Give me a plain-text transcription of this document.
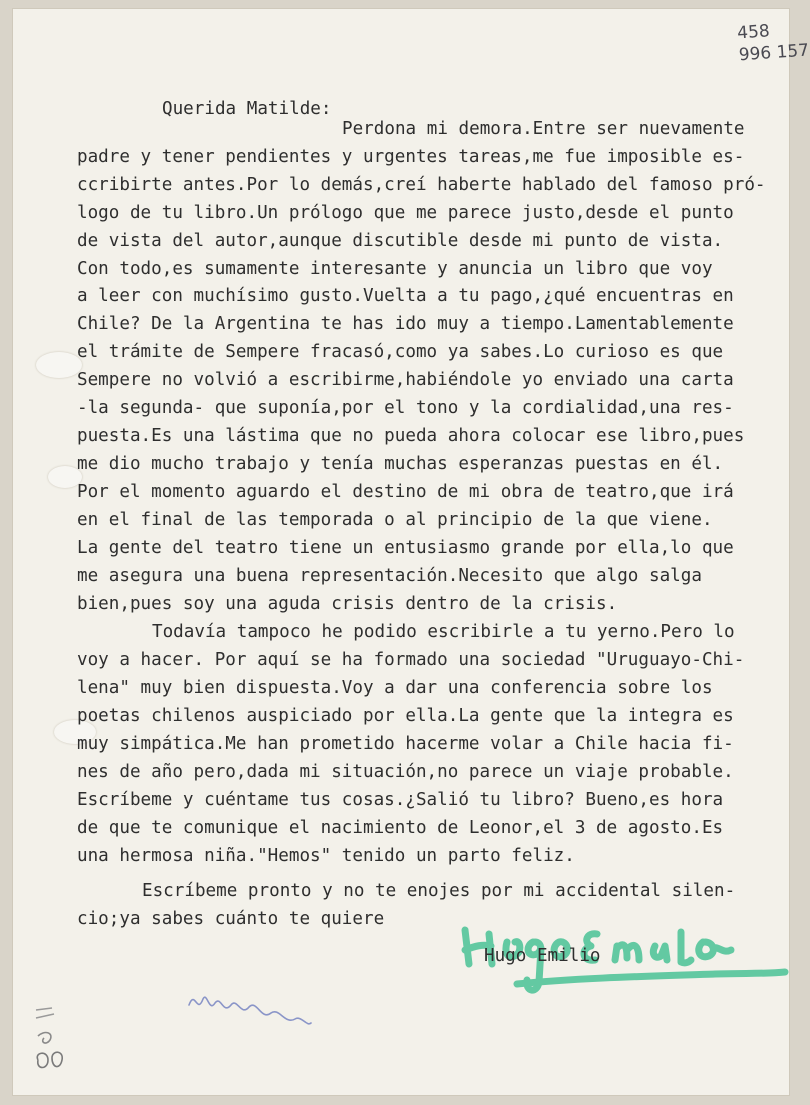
458
996 157

Querida Matilde:

Perdona mi demora.Entre ser nuevamente

padre y tener pendientes y urgentes tareas,me fue imposible es-

ccribirte antes.Por lo demás,creí haberte hablado del famoso pró-

logo de tu libro.Un prólogo que me parece justo,desde el punto

de vista del autor,aunque discutible desde mi punto de vista.

Con todo,es sumamente interesante y anuncia un libro que voy

a leer con muchísimo gusto.Vuelta a tu pago,¿qué encuentras en

Chile? De la Argentina te has ido muy a tiempo.Lamentablemente

el trámite de Sempere fracasó,como ya sabes.Lo curioso es que

Sempere no volvió a escribirme,habiéndole yo enviado una carta

-la segunda- que suponía,por el tono y la cordialidad,una res-

puesta.Es una lástima que no pueda ahora colocar ese libro,pues

me dio mucho trabajo y tenía muchas esperanzas puestas en él.

Por el momento aguardo el destino de mi obra de teatro,que irá

en el final de las temporada o al principio de la que viene.

La gente del teatro tiene un entusiasmo grande por ella,lo que

me asegura una buena representación.Necesito que algo salga

bien,pues soy una aguda crisis dentro de la crisis.

Todavía tampoco he podido escribirle a tu yerno.Pero lo

voy a hacer. Por aquí se ha formado una sociedad "Uruguayo-Chi-

lena" muy bien dispuesta.Voy a dar una conferencia sobre los

poetas chilenos auspiciado por ella.La gente que la integra es

muy simpática.Me han prometido hacerme volar a Chile hacia fi-

nes de año pero,dada mi situación,no parece un viaje probable.

Escríbeme y cuéntame tus cosas.¿Salió tu libro? Bueno,es hora

de que te comunique el nacimiento de Leonor,el 3 de agosto.Es

una hermosa niña."Hemos" tenido un parto feliz.

Escríbeme pronto y no te enojes por mi accidental silen-

cio;ya sabes cuánto te quiere

Hugo Emilio
